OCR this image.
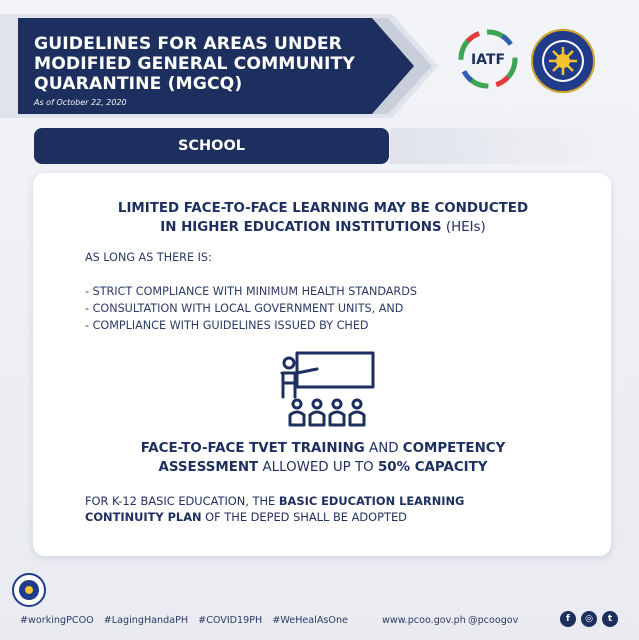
GUIDELINES FOR AREAS UNDER
MODIFIED GENERAL COMMUNITY
QUARANTINE (MGCQ)

As of October 22, 2020
IATF
SCHOOL
LIMITED FACE-TO-FACE LEARNING MAY BE CONDUCTED
IN HIGHER EDUCATION INSTITUTIONS (HEIs)
AS LONG AS THERE IS:
- STRICT COMPLIANCE WITH MINIMUM HEALTH STANDARDS
- CONSULTATION WITH LOCAL GOVERNMENT UNITS, AND
- COMPLIANCE WITH GUIDELINES ISSUED BY CHED
FACE-TO-FACE TVET TRAINING AND COMPETENCY
ASSESSMENT ALLOWED UP TO 50% CAPACITY
FOR K-12 BASIC EDUCATION, THE BASIC EDUCATION LEARNING
CONTINUITY PLAN OF THE DEPED SHALL BE ADOPTED
#workingPCOO #LagingHandaPH #COVID19PH #WeHealAsOne	www.pcoo.gov.ph @pcoogov	f	◎	t
